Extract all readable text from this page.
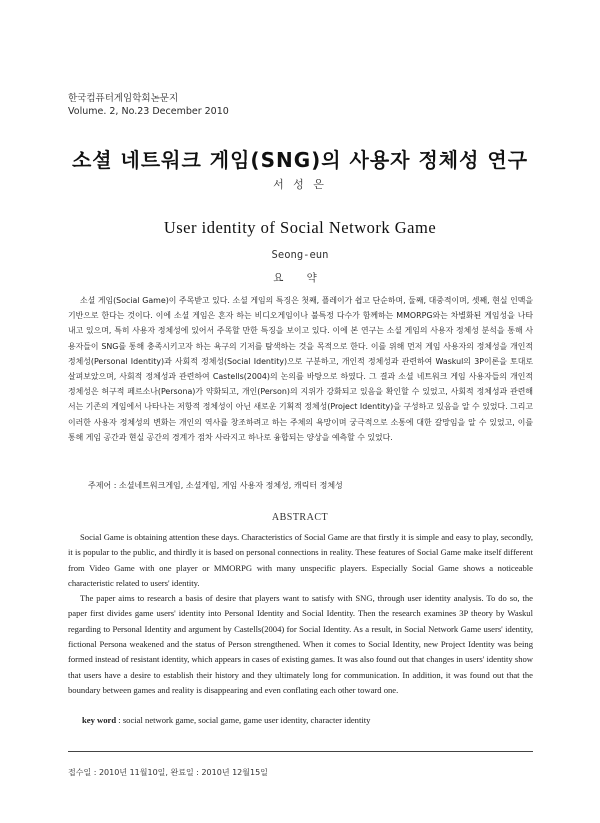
한국컴퓨터게임학회논문지
Volume. 2, No.23 December 2010
소셜 네트워크 게임(SNG)의 사용자 정체성 연구
서 성 은
User identity of Social Network Game
Seong-eun
요 약

소셜 게임(Social Game)이 주목받고 있다. 소셜 게임의 특징은 첫째, 플레이가 쉽고 단순하며, 둘째, 대중적이며, 셋째, 현실 인맥을 기반으로 한다는 것이다. 이에 소셜 게임은 혼자 하는 비디오게임이나 불특정 다수가 함께하는 MMORPG와는 차별화된 게임성을 나타내고 있으며, 특히 사용자 정체성에 있어서 주목할 만한 특징을 보이고 있다. 이에 본 연구는 소셜 게임의 사용자 정체성 분석을 통해 사용자들이 SNG를 통해 충족시키고자 하는 욕구의 기저를 탐색하는 것을 목적으로 한다. 이를 위해 먼저 게임 사용자의 정체성을 개인적 정체성(Personal Identity)과 사회적 정체성(Social Identity)으로 구분하고, 개인적 정체성과 관련하여 Waskul의 3P이론을 토대로 살펴보았으며, 사회적 정체성과 관련하여 Castells(2004)의 논의를 바탕으로 하였다. 그 결과 소셜 네트워크 게임 사용자들의 개인적 정체성은 허구적 페르소나(Persona)가 약화되고, 개인(Person)의 지위가 강화되고 있음을 확인할 수 있었고, 사회적 정체성과 관련해서는 기존의 게임에서 나타나는 저항적 정체성이 아닌 새로운 기획적 정체성(Project Identity)을 구성하고 있음을 알 수 있었다. 그리고 이러한 사용자 정체성의 변화는 개인의 역사를 창조하려고 하는 주체의 욕망이며 궁극적으로 소통에 대한 갈망임을 알 수 있었고, 이를 통해 게임 공간과 현실 공간의 경계가 점차 사라지고 하나로 융합되는 양상을 예측할 수 있었다.

주제어 : 소셜네트워크게임, 소셜게임, 게임 사용자 정체성, 캐릭터 정체성
ABSTRACT

Social Game is obtaining attention these days. Characteristics of Social Game are that firstly it is simple and easy to play, secondly, it is popular to the public, and thirdly it is based on personal connections in reality. These features of Social Game make itself different from Video Game with one player or MMORPG with many unspecific players. Especially Social Game shows a noticeable characteristic related to users' identity.

The paper aims to research a basis of desire that players want to satisfy with SNG, through user identity analysis. To do so, the paper first divides game users' identity into Personal Identity and Social Identity. Then the research examines 3P theory by Waskul regarding to Personal Identity and argument by Castells(2004) for Social Identity. As a result, in Social Network Game users' identity, fictional Persona weakened and the status of Person strengthened. When it comes to Social Identity, new Project Identity was being formed instead of resistant identity, which appears in cases of existing games. It was also found out that changes in users' identity show that users have a desire to establish their history and they ultimately long for communication. In addition, it was found out that the boundary between games and reality is disappearing and even conflating each other toward one.

key word : social network game, social game, game user identity, character identity
접수일 : 2010년 11월10일, 완료일 : 2010년 12월15일
